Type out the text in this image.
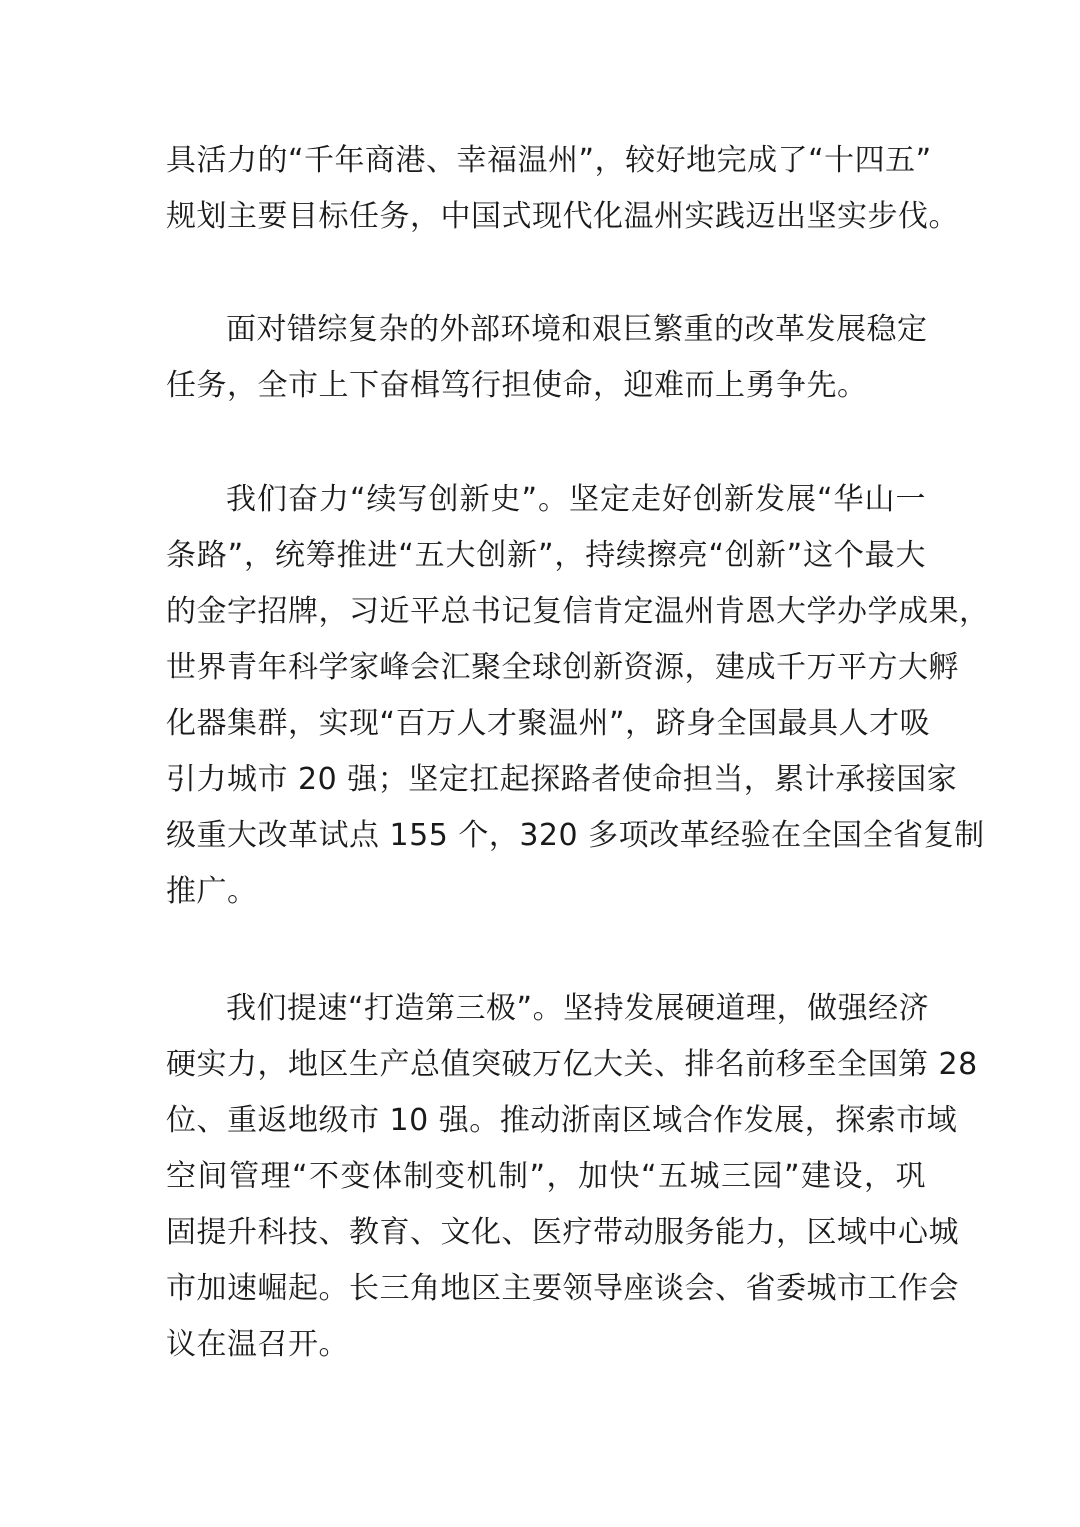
具活力的“千年商港、幸福温州”，较好地完成了“十四五”
规划主要目标任务，中国式现代化温州实践迈出坚实步伐。

面对错综复杂的外部环境和艰巨繁重的改革发展稳定
任务，全市上下奋楫笃行担使命，迎难而上勇争先。

我们奋力“续写创新史”。坚定走好创新发展“华山一
条路”，统筹推进“五大创新”，持续擦亮“创新”这个最大
的金字招牌，习近平总书记复信肯定温州肯恩大学办学成果，
世界青年科学家峰会汇聚全球创新资源，建成千万平方大孵
化器集群，实现“百万人才聚温州”，跻身全国最具人才吸
引力城市 20 强；坚定扛起探路者使命担当，累计承接国家
级重大改革试点 155 个，320 多项改革经验在全国全省复制
推广。

我们提速“打造第三极”。坚持发展硬道理，做强经济
硬实力，地区生产总值突破万亿大关、排名前移至全国第 28
位、重返地级市 10 强。推动浙南区域合作发展，探索市域
空间管理“不变体制变机制”，加快“五城三园”建设，巩
固提升科技、教育、文化、医疗带动服务能力，区域中心城
市加速崛起。长三角地区主要领导座谈会、省委城市工作会
议在温召开。
